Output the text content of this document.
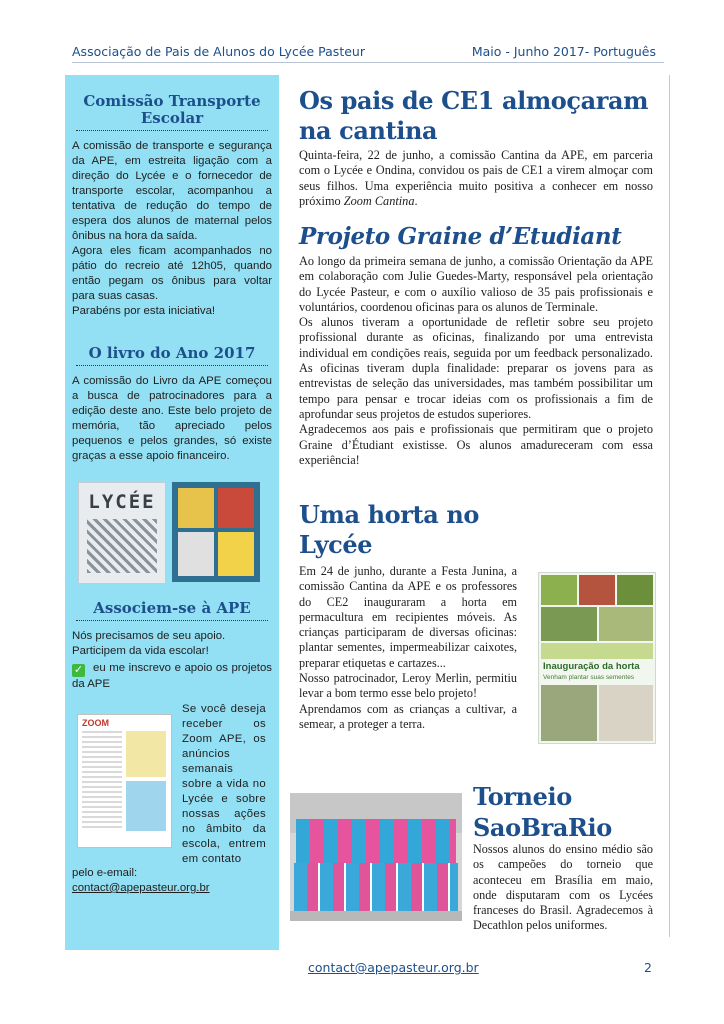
Associação de Pais de Alunos do Lycée Pasteur	Maio - Junho 2017- Português
Comissão Transporte Escolar
A comissão de transporte e segurança da APE, em estreita ligação com a direção do Lycée e o fornecedor de transporte escolar, acompanhou a tentativa de redução do tempo de espera dos alunos de maternal pelos ônibus na hora da saída.
Agora eles ficam acompanhados no pátio do recreio até 12h05, quando então pegam os ônibus para voltar para suas casas.
Parabéns por esta iniciativa!
O livro do Ano 2017
A comissão do Livro da APE começou a busca de patrocinadores para a edição deste ano. Este belo projeto de memória, tão apreciado pelos pequenos e pelos grandes, só existe graças a esse apoio financeiro.
LYCÉE
Associem-se à APE
Nós precisamos de seu apoio. Participem da vida escolar!
✓ eu me inscrevo e apoio os projetos da APE
ZOOM
Se você deseja receber os Zoom APE, os anúncios semanais sobre a vida no Lycée e sobre nossas ações no âmbito da escola, entrem em contato
pelo e-email:
contact@apepasteur.org.br
Os pais de CE1 almoçaram na cantina
Quinta-feira, 22 de junho, a comissão Cantina da APE, em parceria com o Lycée e Ondina, convidou os pais de CE1 a virem almoçar com seus filhos. Uma experiência muito positiva a conhecer em nosso próximo Zoom Cantina.
Projeto Graine d’Etudiant
Ao longo da primeira semana de junho, a comissão Orientação da APE em colaboração com Julie Guedes-Marty, responsável pela orientação do Lycée Pasteur, e com o auxílio valioso de 35 pais profissionais e voluntários, coordenou oficinas para os alunos de Terminale.
Os alunos tiveram a oportunidade de refletir sobre seu projeto profissional durante as oficinas, finalizando por uma entrevista individual em condições reais, seguida por um feedback personalizado. As oficinas tiveram dupla finalidade: preparar os jovens para as entrevistas de seleção das universidades, mas também possibilitar um tempo para pensar e trocar ideias com os profissionais a fim de aprofundar seus projetos de estudos superiores.
Agradecemos aos pais e profissionais que permitiram que o projeto Graine d’Étudiant existisse. Os alunos amadureceram com essa experiência!
Uma horta no Lycée
Em 24 de junho, durante a Festa Junina, a comissão Cantina da APE e os professores do CE2 inauguraram a horta em permacultura em recipientes móveis. As crianças participaram de diversas oficinas: plantar sementes, impermeabilizar caixotes, preparar etiquetas e cartazes...
Nosso patrocinador, Leroy Merlin, permitiu levar a bom termo esse belo projeto!
Aprendamos com as crianças a cultivar, a semear, a proteger a terra.
Inauguração da horta
Venham plantar suas sementes
Torneio SaoBraRio
Nossos alunos do ensino médio são os campeões do torneio que aconteceu em Brasília em maio, onde disputaram com os Lycées franceses do Brasil. Agradecemos à Decathlon pelos uniformes.
contact@apepasteur.org.br	2
